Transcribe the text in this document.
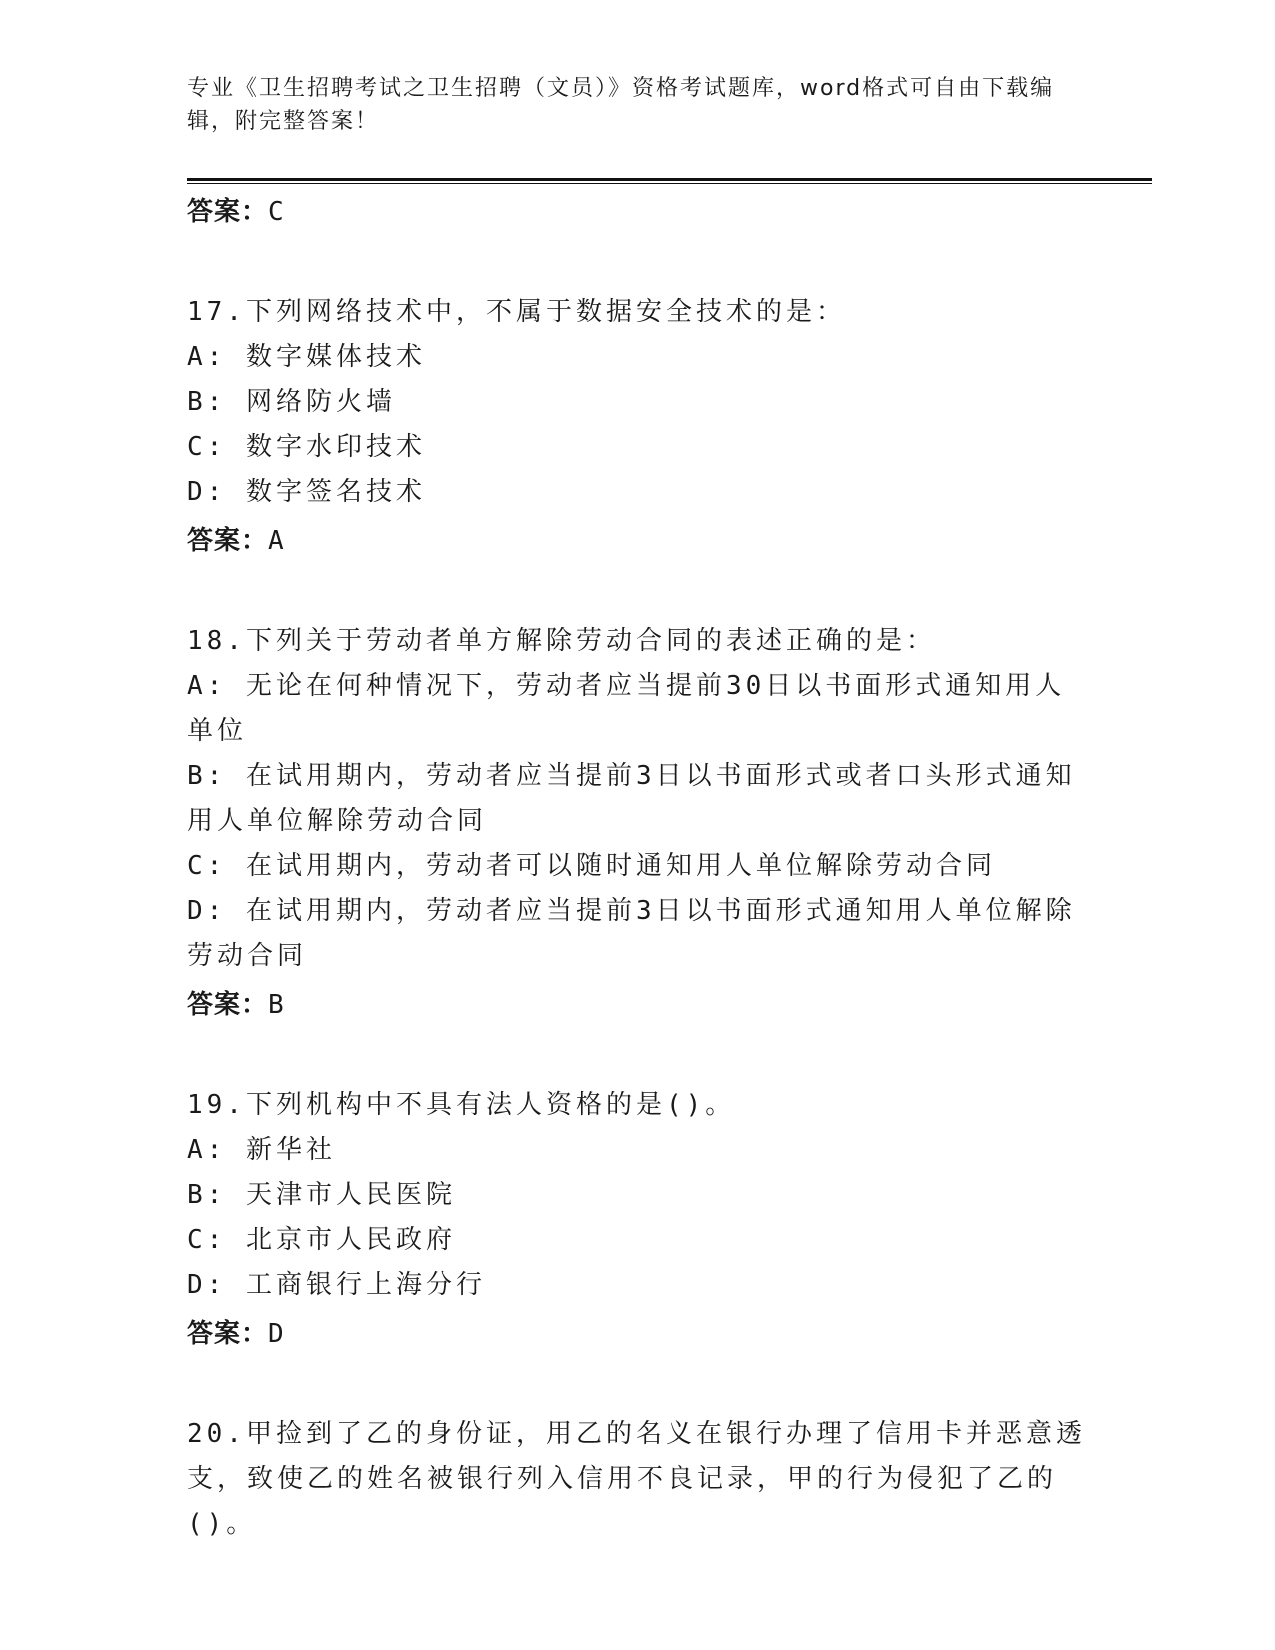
专业《卫生招聘考试之卫生招聘（文员）》资格考试题库，word格式可自由下载编辑，附完整答案！
答案：C
17.下列网络技术中，不属于数据安全技术的是：
A: 数字媒体技术
B: 网络防火墙
C: 数字水印技术
D: 数字签名技术
答案：A
18.下列关于劳动者单方解除劳动合同的表述正确的是：
A: 无论在何种情况下，劳动者应当提前30日以书面形式通知用人单位
B: 在试用期内，劳动者应当提前3日以书面形式或者口头形式通知用人单位解除劳动合同
C: 在试用期内，劳动者可以随时通知用人单位解除劳动合同
D: 在试用期内，劳动者应当提前3日以书面形式通知用人单位解除劳动合同
答案：B
19.下列机构中不具有法人资格的是()。
A: 新华社
B: 天津市人民医院
C: 北京市人民政府
D: 工商银行上海分行
答案：D
20.甲捡到了乙的身份证，用乙的名义在银行办理了信用卡并恶意透支，致使乙的姓名被银行列入信用不良记录，甲的行为侵犯了乙的()。
